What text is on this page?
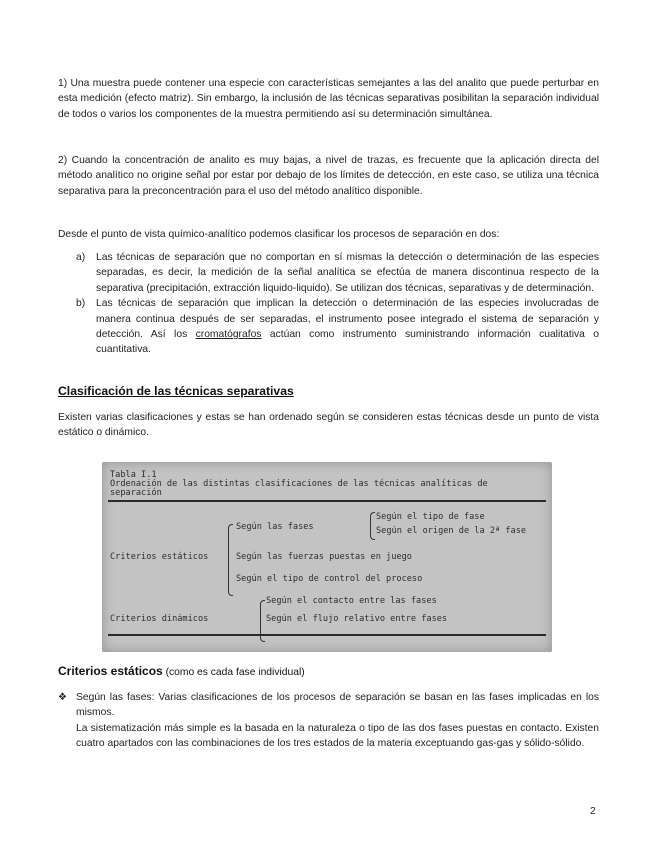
1) Una muestra puede contener una especie con características semejantes a las del analito que puede perturbar en esta medición (efecto matriz). Sin embargo, la inclusión de las técnicas separativas posibilitan la separación individual de todos o varios los componentes de la muestra permitiendo así su determinación simultánea.
2) Cuando la concentración de analito es muy bajas, a nivel de trazas, es frecuente que la aplicación directa del método analítico no origine señal por estar por debajo de los límites de detección, en este caso, se utiliza una técnica separativa para la preconcentración para el uso del método analítico disponible.
Desde el punto de vista químico-analítico podemos clasificar los procesos de separación en dos:
a) Las técnicas de separación que no comportan en sí mismas la detección o determinación de las especies separadas, es decir, la medición de la señal analítica se efectúa de manera discontinua respecto de la separativa (precipitación, extracción liquido-liquido). Se utilizan dos técnicas, separativas y de determinación.
b) Las técnicas de separación que implican la detección o determinación de las especies involucradas de manera continua después de ser separadas, el instrumento posee integrado el sistema de separación y detección. Así los cromatógrafos actúan como instrumento suministrando información cualitativa o cuantitativa.
Clasificación de las técnicas separativas
Existen varias clasificaciones y estas se han ordenado según se consideren estas técnicas desde un punto de vista estático o dinámico.
Tabla I.1
Ordenación de las distintas clasificaciones de las técnicas analíticas de
separación
Según las fases
Según el tipo de fase
Según el origen de la 2ª fase
Criterios estáticos	Según las fuerzas puestas en juego
Según el tipo de control del proceso
Según el contacto entre las fases
Criterios dinámicos	Según el flujo relativo entre fases
Criterios estáticos (como es cada fase individual)
❖ Según las fases: Varias clasificaciones de los procesos de separación se basan en las fases implicadas en los mismos.
La sistematización más simple es la basada en la naturaleza o tipo de las dos fases puestas en contacto. Existen cuatro apartados con las combinaciones de los tres estados de la materia exceptuando gas-gas y sólido-sólido.
2
